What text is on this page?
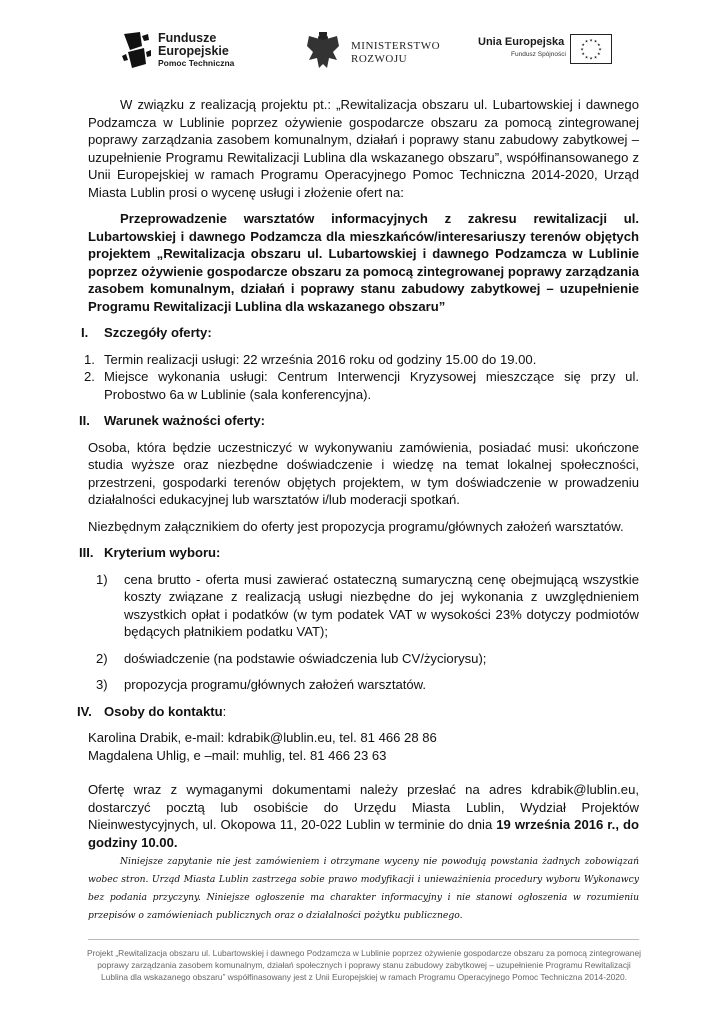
Fundusze
Europejskie
Pomoc Techniczna
MINISTERSTWO
ROZWOJU
Unia Europejska
Fundusz Spójności
★
★
★
★
★
★
★
★
★ ★ ★
★

W związku z realizacją projektu pt.: „Rewitalizacja obszaru ul. Lubartowskiej i dawnego Podzamcza w Lublinie poprzez ożywienie gospodarcze obszaru za pomocą zintegrowanej poprawy zarządzania zasobem komunalnym, działań i poprawy stanu zabudowy zabytkowej – uzupełnienie Programu Rewitalizacji Lublina dla wskazanego obszaru”, współfinansowanego z Unii Europejskiej w ramach Programu Operacyjnego Pomoc Techniczna 2014-2020, Urząd Miasta Lublin prosi o wycenę usługi i złożenie ofert na:

Przeprowadzenie warsztatów informacyjnych z zakresu rewitalizacji ul. Lubartowskiej i dawnego Podzamcza dla mieszkańców/interesariuszy terenów objętych projektem „Rewitalizacja obszaru ul. Lubartowskiej i dawnego Podzamcza w Lublinie poprzez ożywienie gospodarcze obszaru za pomocą zintegrowanej poprawy zarządzania zasobem komunalnym, działań i poprawy stanu zabudowy zabytkowej – uzupełnienie Programu Rewitalizacji Lublina dla wskazanego obszaru”

I. Szczegóły oferty:
1. Termin realizacji usługi: 22 września 2016 roku od godziny 15.00 do 19.00.
2. Miejsce wykonania usługi: Centrum Interwencji Kryzysowej mieszczące się przy ul. Probostwo 6a w Lublinie (sala konferencyjna).
II. Warunek ważności oferty:

Osoba, która będzie uczestniczyć w wykonywaniu zamówienia, posiadać musi: ukończone studia wyższe oraz niezbędne doświadczenie i wiedzę na temat lokalnej społeczności, przestrzeni, gospodarki terenów objętych projektem, w tym doświadczenie w prowadzeniu działalności edukacyjnej lub warsztatów i/lub moderacji spotkań.

Niezbędnym załącznikiem do oferty jest propozycja programu/głównych założeń warsztatów.

III. Kryterium wyboru:
1) cena brutto - oferta musi zawierać ostateczną sumaryczną cenę obejmującą wszystkie koszty związane z realizacją usługi niezbędne do jej wykonania z uwzględnieniem wszystkich opłat i podatków (w tym podatek VAT w wysokości 23% dotyczy podmiotów będących płatnikiem podatku VAT);
2) doświadczenie (na podstawie oświadczenia lub CV/życiorysu);
3) propozycja programu/głównych założeń warsztatów.
IV. Osoby do kontaktu:

Karolina Drabik, e-mail: kdrabik@lublin.eu, tel. 81 466 28 86

Magdalena Uhlig, e –mail: muhlig, tel. 81 466 23 63

Ofertę wraz z wymaganymi dokumentami należy przesłać na adres kdrabik@lublin.eu, dostarczyć pocztą lub osobiście do Urzędu Miasta Lublin, Wydział Projektów Nieinwestycyjnych, ul. Okopowa 11, 20-022 Lublin w terminie do dnia 19 września 2016 r., do godziny 10.00.

Niniejsze zapytanie nie jest zamówieniem i otrzymane wyceny nie powodują powstania żadnych zobowiązań wobec stron. Urząd Miasta Lublin zastrzega sobie prawo modyfikacji i unieważnienia procedury wyboru Wykonawcy bez podania przyczyny. Niniejsze ogłoszenie ma charakter informacyjny i nie stanowi ogłoszenia w rozumieniu przepisów o zamówieniach publicznych oraz o działalności pożytku publicznego.

Projekt „Rewitalizacja obszaru ul. Lubartowskiej i dawnego Podzamcza w Lublinie poprzez ożywienie gospodarcze obszaru za pomocą zintegrowanej poprawy zarządzania zasobem komunalnym, działań społecznych i poprawy stanu zabudowy zabytkowej – uzupełnienie Programu Rewitalizacji Lublina dla wskazanego obszaru” współfinasowany jest z Unii Europejskiej w ramach Programu Operacyjnego Pomoc Techniczna 2014-2020.
